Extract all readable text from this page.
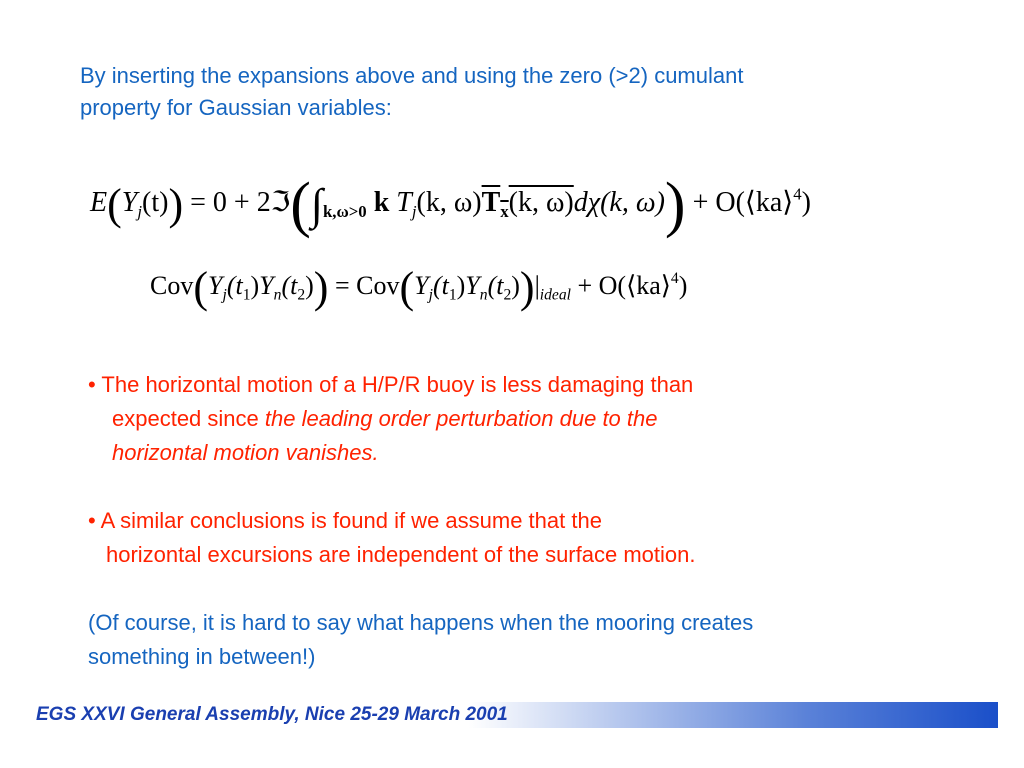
By inserting the expansions above and using the zero (>2) cumulant
property for Gaussian variables:
$E(Y_j(t)) = 0$ + $2ℑ(\int_{k,\omega>0}$ k $T_j(k$, $\omega)T_x(k$, ω)dχ(k, ω)) + O(⟨ka⟩$^4$)
$Cov(Y_j(t_1)Y_n(t_2)) = Cov(Y_j(t_1)Y_n(t_2))|_{ideal}$ + O(⟨ka⟩$^4$)
• The horizontal motion of a H/P/R buoy is less damaging than
expected since the leading order perturbation due to the
horizontal motion vanishes.
• A similar conclusions is found if we assume that the
horizontal excursions are independent of the surface motion.
(Of course, it is hard to say what happens when the mooring creates
something in between!)
EGS XXVI General Assembly, Nice 25-29 March 2001
